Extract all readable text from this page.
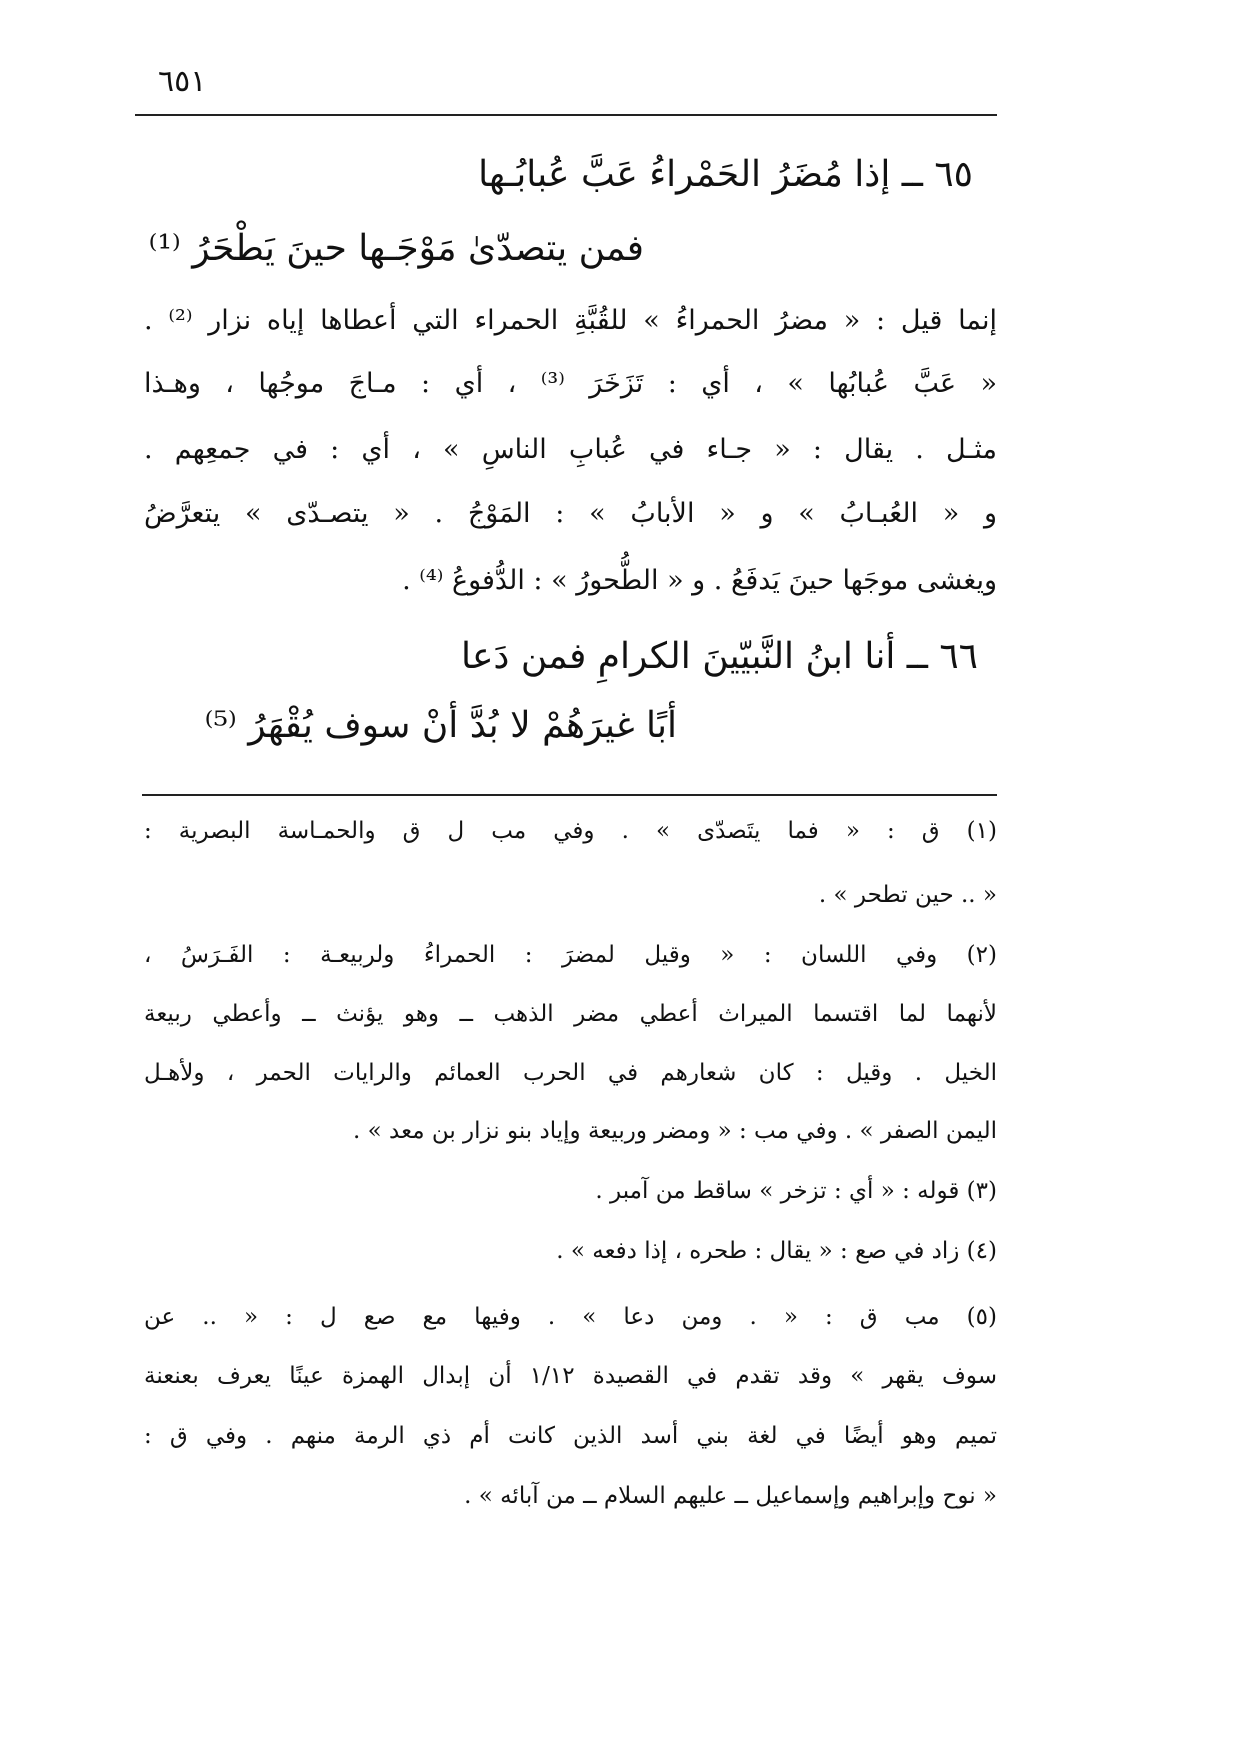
٦٥١
٦٥ ــ إذا مُضَرُ الحَمْراءُ عَبَّ عُبابُـها
فمن يتصدّىٰ مَوْجَـها حينَ يَطْحَرُ ⁽¹⁾
إنما قيل : « مضرُ الحمراءُ » للقُبَّةِ الحمراء التي أعطاها إياه نزار ⁽²⁾ .
« عَبَّ عُبابُها » ، أي : تَزَخَرَ ⁽³⁾ ، أي : مـاجَ موجُها ، وهـذا
مثـل . يقال : « جـاء في عُبابِ الناسِ » ، أي : في جمعِهم .
و « العُبـابُ » و « الأبابُ » : المَوْجُ . « يتصـدّى » يتعرَّضُ
ويغشى موجَها حينَ يَدفَعُ . و « الطُّحورُ » : الدُّفوعُ ⁽⁴⁾ .
٦٦ ــ أنا ابنُ النَّبيّينَ الكرامِ فمن دَعا
أبًا غيرَهُمْ لا بُدَّ أنْ سوف يُقْهَرُ ⁽⁵⁾
(١) ق : « فما يتَصدّى » . وفي مب ل ق والحمـاسة البصرية :
« .. حين تطحر » .
(٢) وفي اللسان : « وقيل لمضرَ : الحمراءُ ولربيعـة : الفَـرَسُ ،
لأنهما لما اقتسما الميراث أعطي مضر الذهب ــ وهو يؤنث ــ وأعطي ربيعة
الخيل . وقيل : كان شعارهم في الحرب العمائم والرايات الحمر ، ولأهـل
اليمن الصفر » . وفي مب : « ومضر وربيعة وإياد بنو نزار بن معد » .
(٣) قوله : « أي : تزخر » ساقط من آمبر .
(٤) زاد في صع : « يقال : طحره ، إذا دفعه » .
(٥) مب ق : « . ومن دعا » . وفيها مع صع ل : « .. عن
سوف يقهر » وقد تقدم في القصيدة ١/١٢ أن إبدال الهمزة عينًا يعرف بعنعنة
تميم وهو أيضًا في لغة بني أسد الذين كانت أم ذي الرمة منهم . وفي ق :
« نوح وإبراهيم وإسماعيل ــ عليهم السلام ــ من آبائه » .
